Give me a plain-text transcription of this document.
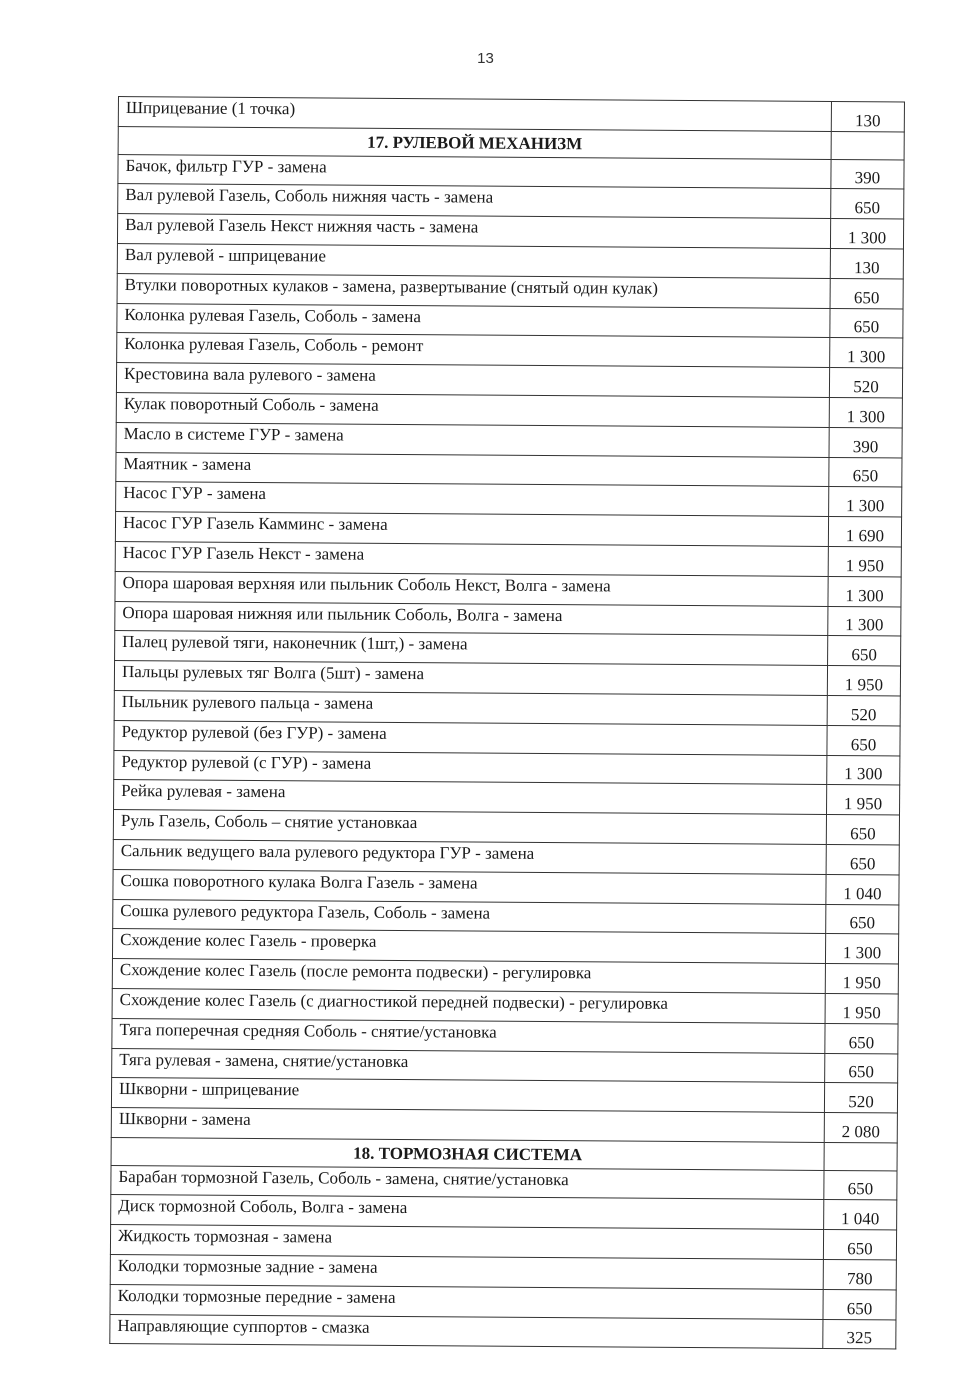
13
Шприцевание (1 точка)	130
17. РУЛЕВОЙ МЕХАНИЗМ	
Бачок, фильтр ГУР - замена	390
Вал рулевой Газель, Соболь нижняя часть - замена	650
Вал рулевой Газель Некст нижняя часть - замена	1 300
Вал рулевой - шприцевание	130
Втулки поворотных кулаков - замена, развертывание (снятый один кулак)	650
Колонка рулевая Газель, Соболь - замена	650
Колонка рулевая Газель, Соболь - ремонт	1 300
Крестовина вала рулевого - замена	520
Кулак поворотный Соболь - замена	1 300
Масло в системе ГУР - замена	390
Маятник - замена	650
Насос ГУР - замена	1 300
Насос ГУР Газель Камминс - замена	1 690
Насос ГУР Газель Некст - замена	1 950
Опора шаровая верхняя или пыльник Соболь Некст, Волга - замена	1 300
Опора шаровая нижняя или пыльник Соболь, Волга - замена	1 300
Палец рулевой тяги, наконечник (1шт,) - замена	650
Пальцы рулевых тяг Волга (5шт) - замена	1 950
Пыльник рулевого пальца - замена	520
Редуктор рулевой (без ГУР) - замена	650
Редуктор рулевой (с ГУР) - замена	1 300
Рейка рулевая - замена	1 950
Руль Газель, Соболь – снятие установкаа	650
Сальник ведущего вала рулевого редуктора ГУР - замена	650
Сошка поворотного кулака Волга Газель - замена	1 040
Сошка рулевого редуктора Газель, Соболь - замена	650
Схождение колес Газель - проверка	1 300
Схождение колес Газель (после ремонта подвески) - регулировка	1 950
Схождение колес Газель (с диагностикой передней подвески) - регулировка	1 950
Тяга поперечная средняя Соболь - снятие/установка	650
Тяга рулевая - замена, снятие/установка	650
Шкворни - шприцевание	520
Шкворни - замена	2 080
18. ТОРМОЗНАЯ СИСТЕМА	
Барабан тормозной Газель, Соболь - замена, снятие/установка	650
Диск тормозной Соболь, Волга - замена	1 040
Жидкость тормозная - замена	650
Колодки тормозные задние - замена	780
Колодки тормозные передние - замена	650
Направляющие суппортов - смазка	325
